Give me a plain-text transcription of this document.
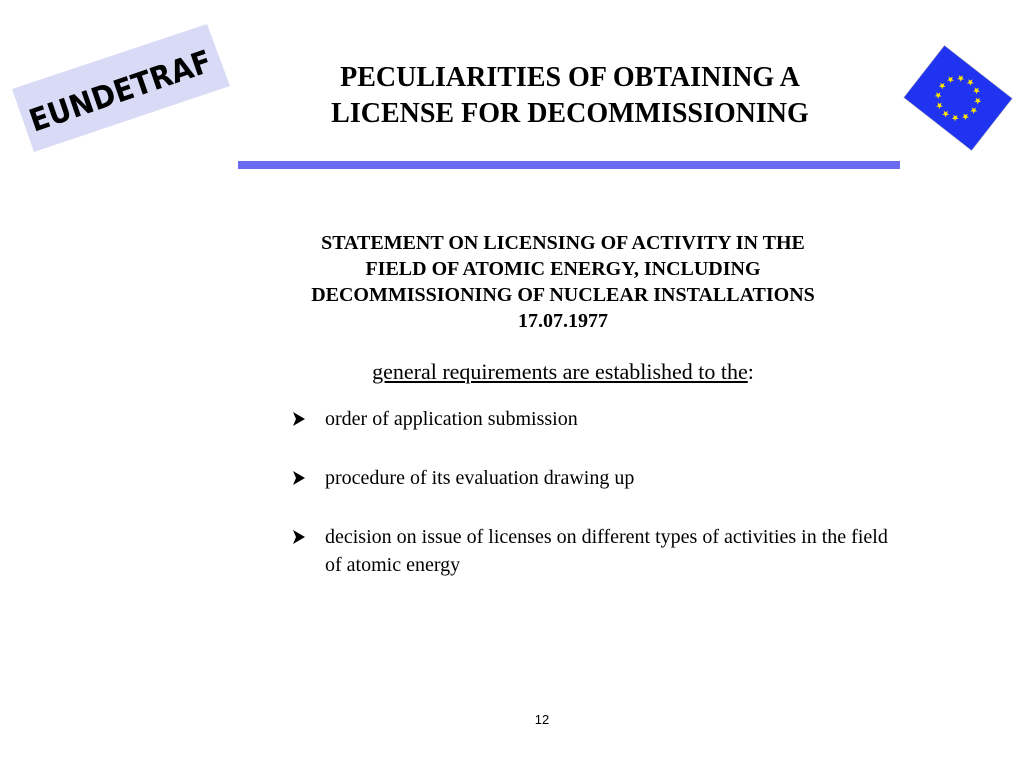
EUNDETRAF	PECULIARITIES OF OBTAINING A
LICENSE FOR DECOMMISSIONING
STATEMENT ON LICENSING OF ACTIVITY IN THE
FIELD OF ATOMIC ENERGY, INCLUDING
DECOMMISSIONING OF NUCLEAR INSTALLATIONS
17.07.1977
general requirements are established to the:
order of application submission
procedure of its evaluation drawing up
decision on issue of licenses on different types of activities in the field of atomic energy
12
